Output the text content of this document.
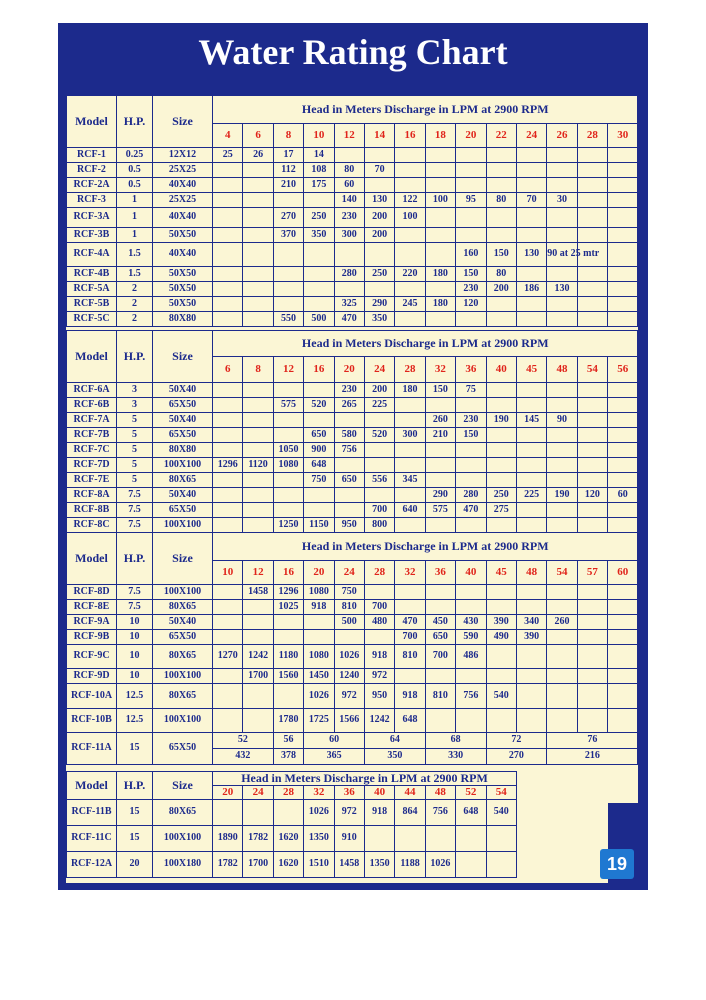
Water Rating Chart
19
Model	H.P.	Size	Head in Meters Discharge in LPM at 2900 RPM													
			4	6	8	10	12	14	16	18	20	22	24	26	28	30
RCF-1	0.25	12X12	25	26	17	14										
RCF-2	0.5	25X25			112	108	80	70								
RCF-2A	0.5	40X40			210	175	60									
RCF-3	1	25X25					140	130	122	100	95	80	70	30		
RCF-3A	1	40X40			270	250	230	200	100							
RCF-3B	1	50X50			370	350	300	200								
RCF-4A	1.5	40X40									160	150	130	90 at 25 mtr		
RCF-4B	1.5	50X50					280	250	220	180	150	80				
RCF-5A	2	50X50									230	200	186	130		
RCF-5B	2	50X50					325	290	245	180	120					
RCF-5C	2	80X80			550	500	470	350								
Model	H.P.	Size	Head in Meters Discharge in LPM at 2900 RPM													
			6	8	12	16	20	24	28	32	36	40	45	48	54	56
RCF-6A	3	50X40					230	200	180	150	75					
RCF-6B	3	65X50			575	520	265	225								
RCF-7A	5	50X40								260	230	190	145	90		
RCF-7B	5	65X50				650	580	520	300	210	150					
RCF-7C	5	80X80			1050	900	756									
RCF-7D	5	100X100	1296	1120	1080	648										
RCF-7E	5	80X65				750	650	556	345							
RCF-8A	7.5	50X40								290	280	250	225	190	120	60
RCF-8B	7.5	65X50						700	640	575	470	275				
RCF-8C	7.5	100X100			1250	1150	950	800								
Model	H.P.	Size	Head in Meters Discharge in LPM at 2900 RPM														
			10	12	16	20	24	28	32	36	40	45	48	54	57	60	
RCF-8D	7.5	100X100		1458	1296	1080	750										
RCF-8E	7.5	80X65			1025	918	810	700									
RCF-9A	10	50X40					500	480	470	450	430	390	340	260			
RCF-9B	10	65X50							700	650	590	490	390				
RCF-9C	10	80X65	1270	1242	1180	1080	1026	918	810	700	486						
RCF-9D	10	100X100		1700	1560	1450	1240	972									
RCF-10A	12.5	80X65				1026	972	950	918	810	756	540					
RCF-10B	12.5	100X100			1780	1725	1566	1242	648								
RCF-11A	15	65X50	52		56	60		64		68		72		76	
			432		378	365		350		330		270		216	
Model	H.P.	Size	Head in Meters Discharge in LPM at 2900 RPM									
			20	24	28	32	36	40	44	48	52	54
RCF-11B	15	80X65				1026	972	918	864	756	648	540
RCF-11C	15	100X100	1890	1782	1620	1350	910					
RCF-12A	20	100X180	1782	1700	1620	1510	1458	1350	1188	1026		
